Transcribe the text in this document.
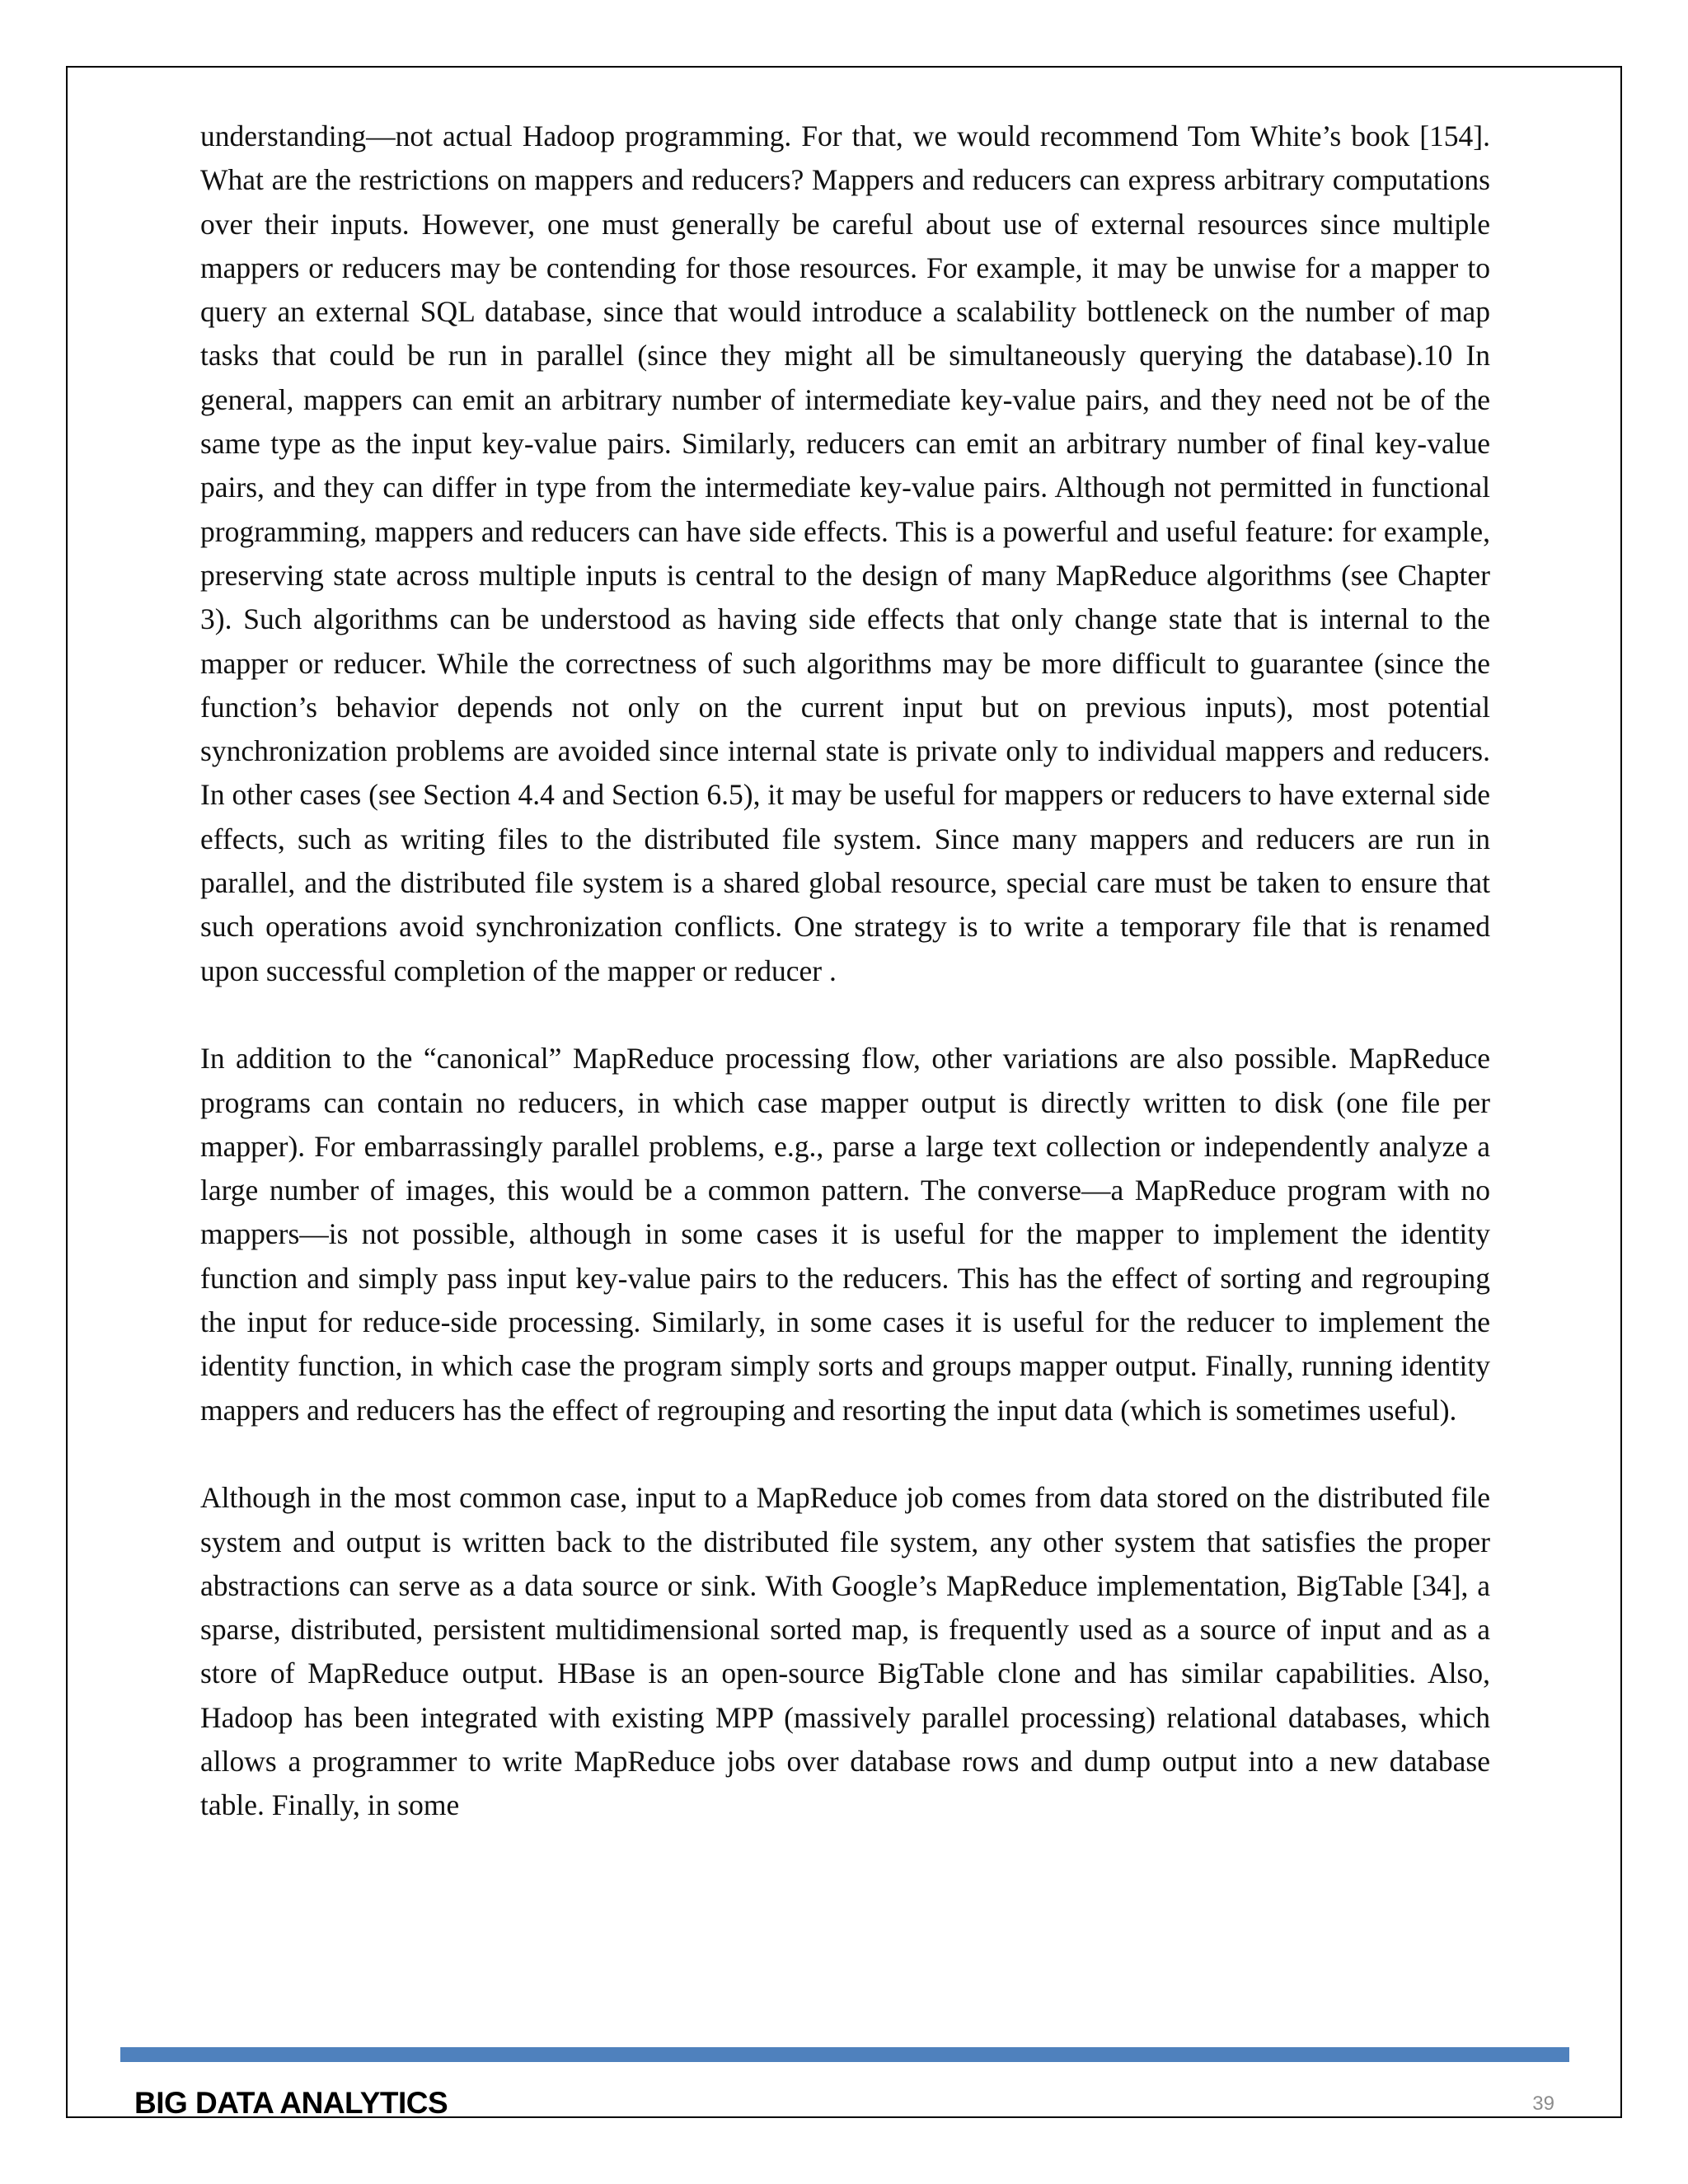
understanding—not actual Hadoop programming. For that, we would recommend Tom White’s book [154]. What are the restrictions on mappers and reducers? Mappers and reducers can express arbitrary computations over their inputs. However, one must generally be careful about use of external resources since multiple mappers or reducers may be contending for those resources. For example, it may be unwise for a mapper to query an external SQL database, since that would introduce a scalability bottleneck on the number of map tasks that could be run in parallel (since they might all be simultaneously querying the database).10 In general, mappers can emit an arbitrary number of intermediate key-value pairs, and they need not be of the same type as the input key-value pairs. Similarly, reducers can emit an arbitrary number of final key-value pairs, and they can differ in type from the intermediate key-value pairs. Although not permitted in functional programming, mappers and reducers can have side effects. This is a powerful and useful feature: for example, preserving state across multiple inputs is central to the design of many MapReduce algorithms (see Chapter 3). Such algorithms can be understood as having side effects that only change state that is internal to the mapper or reducer. While the correctness of such algorithms may be more difficult to guarantee (since the function’s behavior depends not only on the current input but on previous inputs), most potential synchronization problems are avoided since internal state is private only to individual mappers and reducers. In other cases (see Section 4.4 and Section 6.5), it may be useful for mappers or reducers to have external side effects, such as writing files to the distributed file system. Since many mappers and reducers are run in parallel, and the distributed file system is a shared global resource, special care must be taken to ensure that such operations avoid synchronization conflicts. One strategy is to write a temporary file that is renamed upon successful completion of the mapper or reducer .

In addition to the “canonical” MapReduce processing flow, other variations are also possible. MapReduce programs can contain no reducers, in which case mapper output is directly written to disk (one file per mapper). For embarrassingly parallel problems, e.g., parse a large text collection or independently analyze a large number of images, this would be a common pattern. The converse—a MapReduce program with no mappers—is not possible, although in some cases it is useful for the mapper to implement the identity function and simply pass input key-value pairs to the reducers. This has the effect of sorting and regrouping the input for reduce-side processing. Similarly, in some cases it is useful for the reducer to implement the identity function, in which case the program simply sorts and groups mapper output. Finally, running identity mappers and reducers has the effect of regrouping and resorting the input data (which is sometimes useful).

Although in the most common case, input to a MapReduce job comes from data stored on the distributed file system and output is written back to the distributed file system, any other system that satisfies the proper abstractions can serve as a data source or sink. With Google’s MapReduce implementation, BigTable [34], a sparse, distributed, persistent multidimensional sorted map, is frequently used as a source of input and as a store of MapReduce output. HBase is an open-source BigTable clone and has similar capabilities. Also, Hadoop has been integrated with existing MPP (massively parallel processing) relational databases, which allows a programmer to write MapReduce jobs over database rows and dump output into a new database table. Finally, in some

BIG DATA ANALYTICS	39
